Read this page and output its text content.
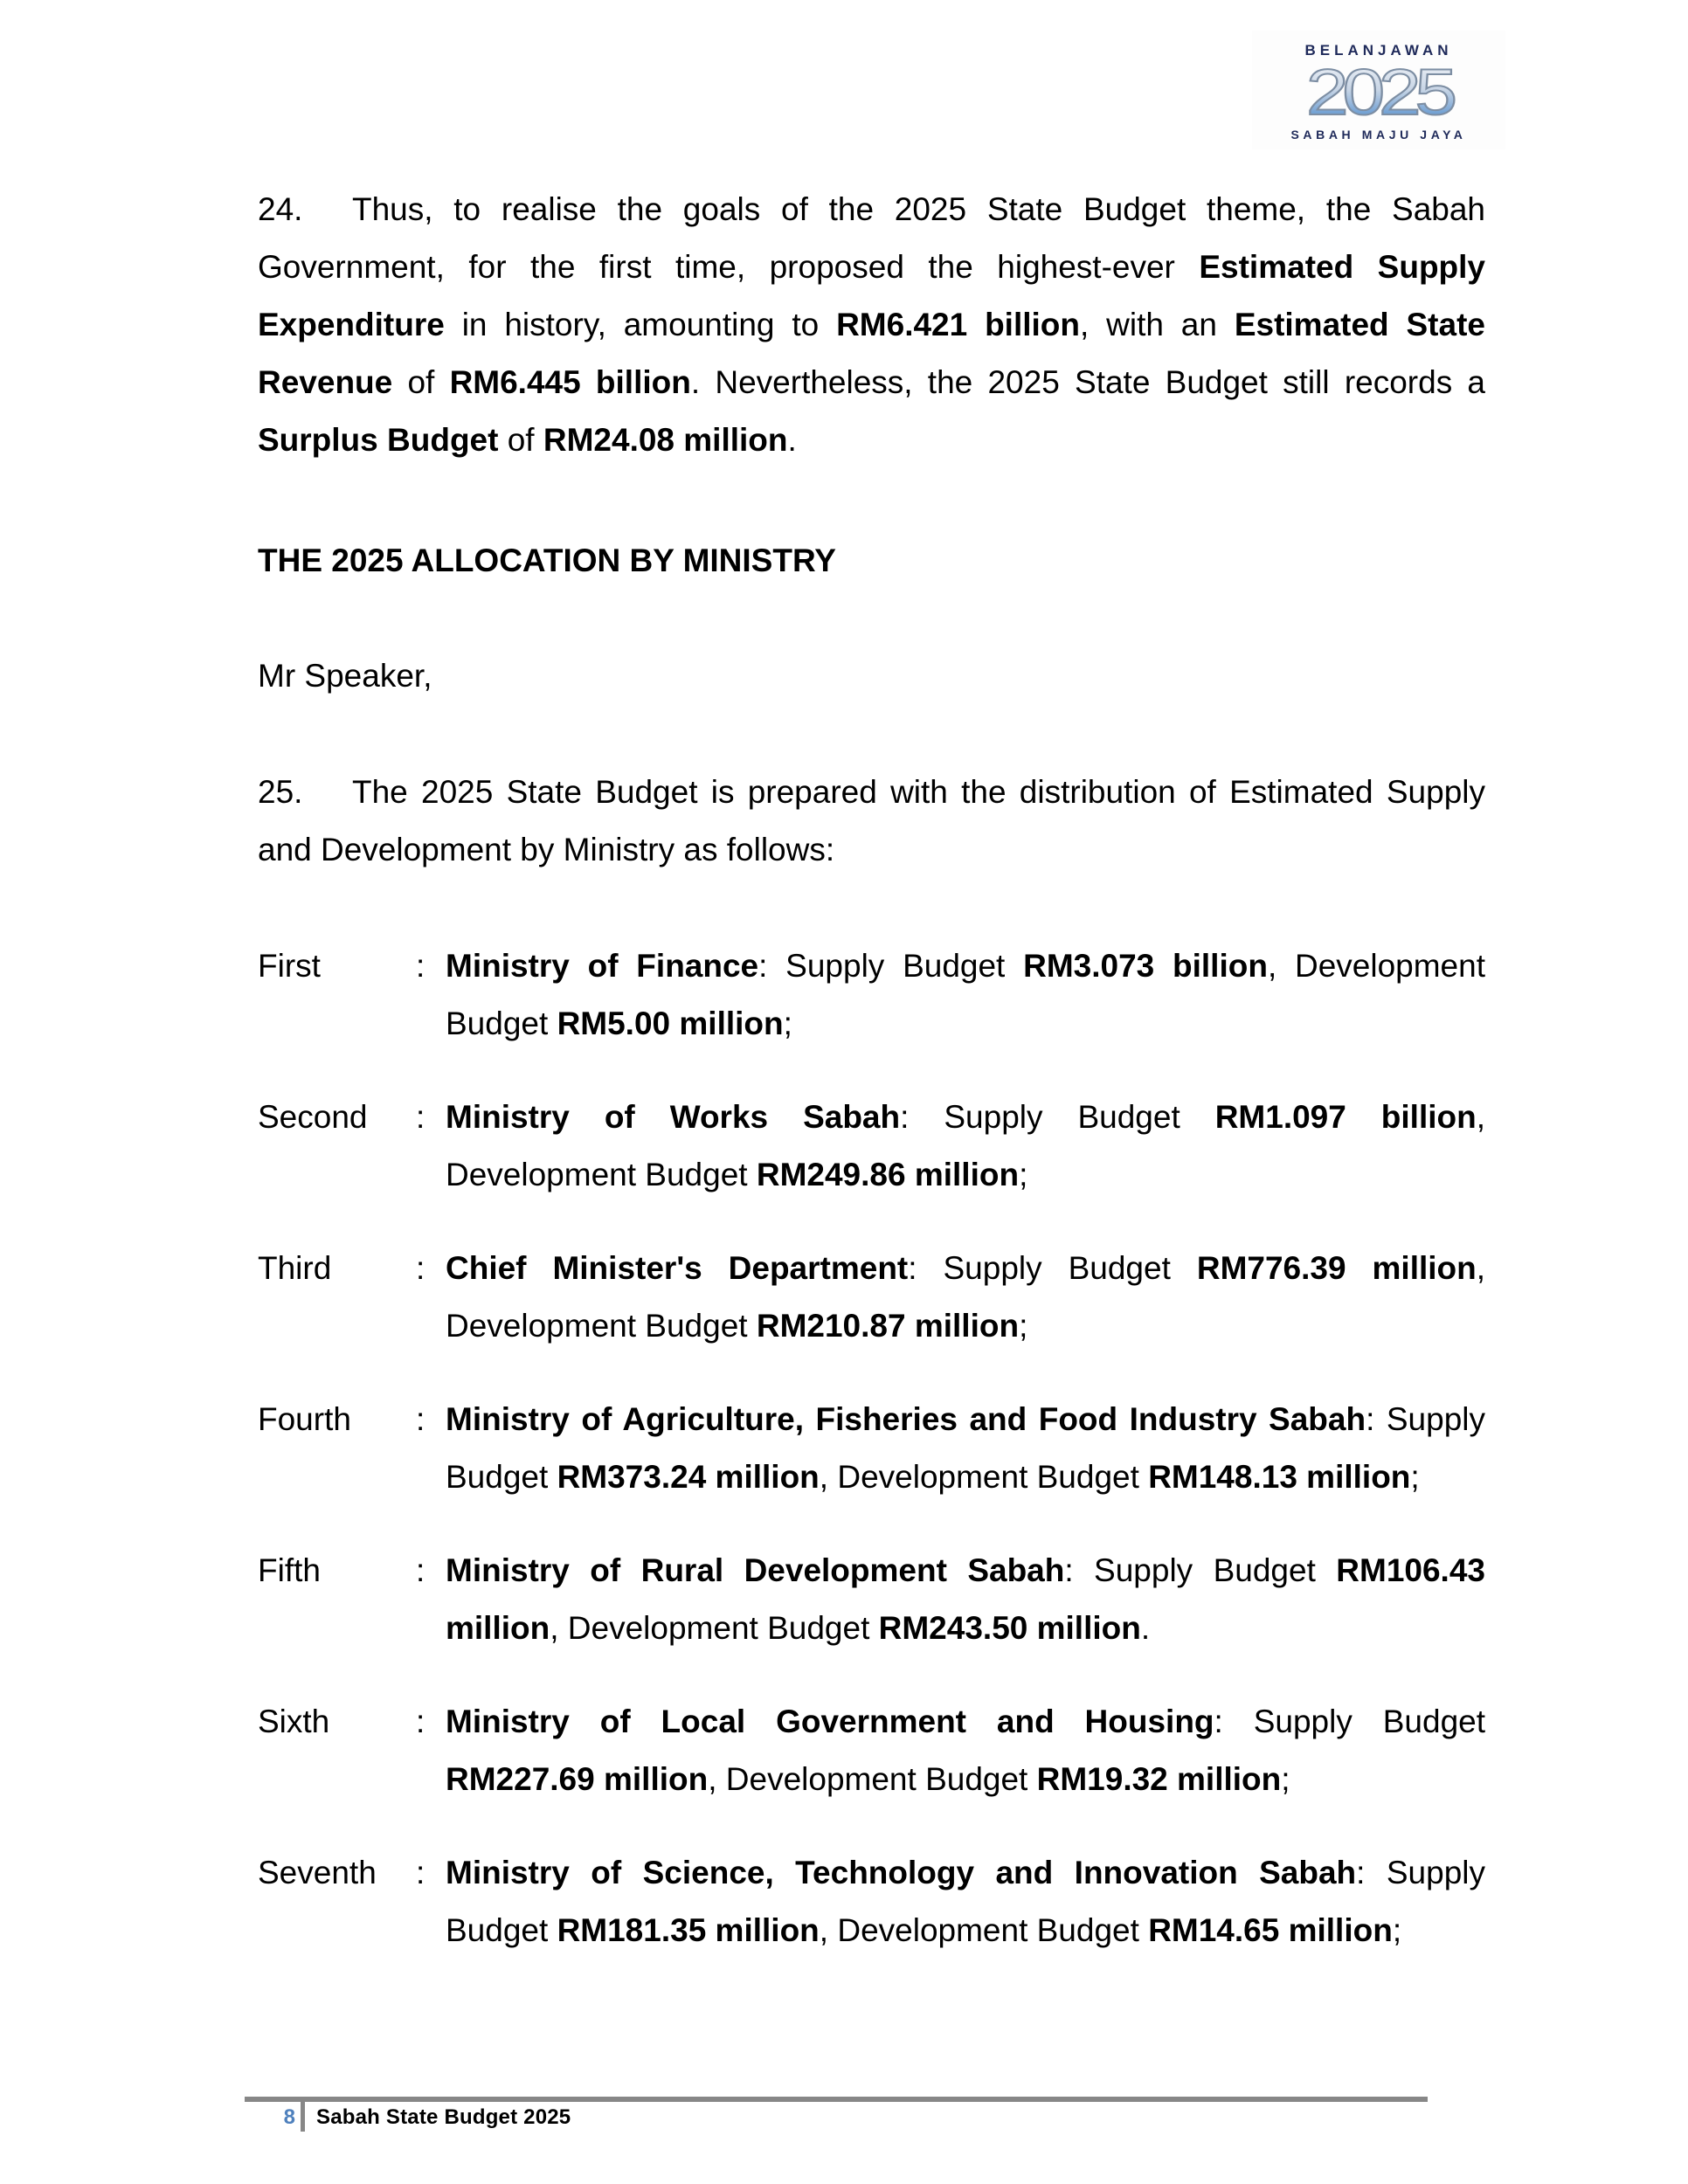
BELANJAWAN
2025
SABAH MAJU JAYA
24. Thus, to realise the goals of the 2025 State Budget theme, the Sabah Government, for the first time, proposed the highest-ever Estimated Supply Expenditure in history, amounting to RM6.421 billion, with an Estimated State Revenue of RM6.445 billion. Nevertheless, the 2025 State Budget still records a Surplus Budget of RM24.08 million.
THE 2025 ALLOCATION BY MINISTRY
Mr Speaker,
25. The 2025 State Budget is prepared with the distribution of Estimated Supply and Development by Ministry as follows:
First	: Ministry of Finance: Supply Budget RM3.073 billion, Development Budget RM5.00 million;
Second	: Ministry of Works Sabah: Supply Budget RM1.097 billion, Development Budget RM249.86 million;
Third	: Chief Minister's Department: Supply Budget RM776.39 million, Development Budget RM210.87 million;
Fourth	: Ministry of Agriculture, Fisheries and Food Industry Sabah: Supply Budget RM373.24 million, Development Budget RM148.13 million;
Fifth	: Ministry of Rural Development Sabah: Supply Budget RM106.43 million, Development Budget RM243.50 million.
Sixth	: Ministry of Local Government and Housing: Supply Budget RM227.69 million, Development Budget RM19.32 million;
Seventh	: Ministry of Science, Technology and Innovation Sabah: Supply Budget RM181.35 million, Development Budget RM14.65 million;
8 Sabah State Budget 2025
